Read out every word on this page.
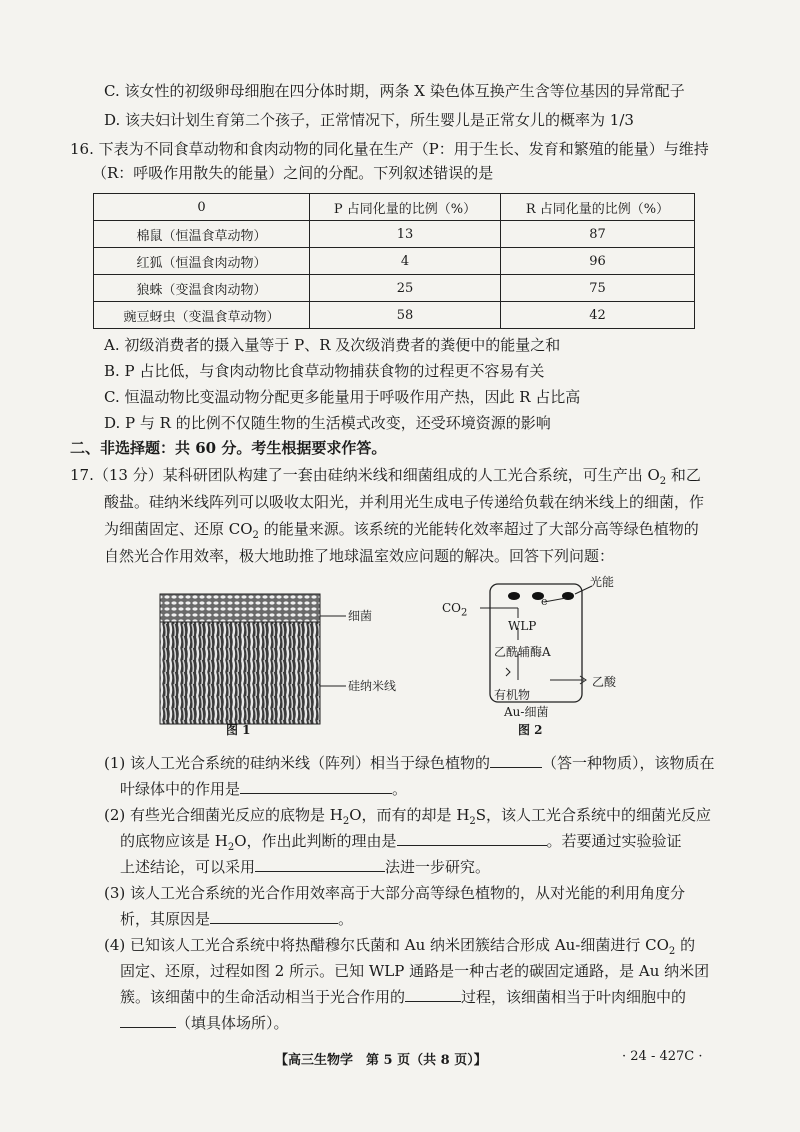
C. 该女性的初级卵母细胞在四分体时期，两条 X 染色体互换产生含等位基因的异常配子
D. 该夫妇计划生育第二个孩子，正常情况下，所生婴儿是正常女儿的概率为 1/3
16. 下表为不同食草动物和食肉动物的同化量在生产（P：用于生长、发育和繁殖的能量）与维持
（R：呼吸作用散失的能量）之间的分配。下列叙述错误的是
0	P 占同化量的比例（%）	R 占同化量的比例（%）
棉鼠（恒温食草动物）	13	87
红狐（恒温食肉动物）	4	96
狼蛛（变温食肉动物）	25	75
豌豆蚜虫（变温食草动物）	58	42
A. 初级消费者的摄入量等于 P、R 及次级消费者的粪便中的能量之和
B. P 占比低，与食肉动物比食草动物捕获食物的过程更不容易有关
C. 恒温动物比变温动物分配更多能量用于呼吸作用产热，因此 R 占比高
D. P 与 R 的比例不仅随生物的生活模式改变，还受环境资源的影响
二、非选择题：共 60 分。考生根据要求作答。
17.（13 分）某科研团队构建了一套由硅纳米线和细菌组成的人工光合系统，可生产出 $O_2$ 和乙
酸盐。硅纳米线阵列可以吸收太阳光，并利用光生成电子传递给负载在纳米线上的细菌，作
为细菌固定、还原 $CO_2$ 的能量来源。该系统的光能转化效率超过了大部分高等绿色植物的
自然光合作用效率，极大地助推了地球温室效应问题的解决。回答下列问题：
细菌
硅纳米线
图 1
光能
$CO_2$
e
WLP
乙酰辅酶A
有机物
乙酸
Au-细菌
图 2
(1) 该人工光合系统的硅纳米线（阵列）相当于绿色植物的	（答一种物质），该物质在
叶绿体中的作用是	。
(2) 有些光合细菌光反应的底物是 $H_2O$，而有的却是 $H_2S$，该人工光合系统中的细菌光反应
的底物应该是 $H_2O$，作出此判断的理由是	。若要通过实验验证
上述结论，可以采用	法进一步研究。
(3) 该人工光合系统的光合作用效率高于大部分高等绿色植物的，从对光能的利用角度分
析，其原因是	。
(4) 已知该人工光合系统中将热醋穆尔氏菌和 Au 纳米团簇结合形成 Au-细菌进行 $CO_2$ 的
固定、还原，过程如图 2 所示。已知 WLP 通路是一种古老的碳固定通路，是 Au 纳米团
簇。该细菌中的生命活动相当于光合作用的	过程，该细菌相当于叶肉细胞中的
（填具体场所）。
【高三生物学　第 5 页（共 8 页）】	· 24 - 427C ·
